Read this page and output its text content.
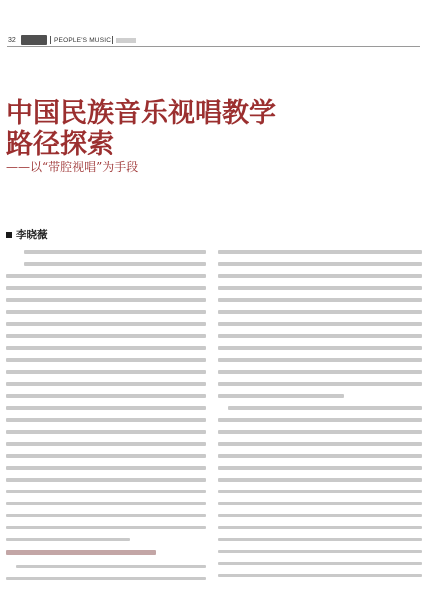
32	PEOPLE'S MUSIC
中国民族音乐视唱教学
路径探索

——以“带腔视唱”为手段

李晓薇
